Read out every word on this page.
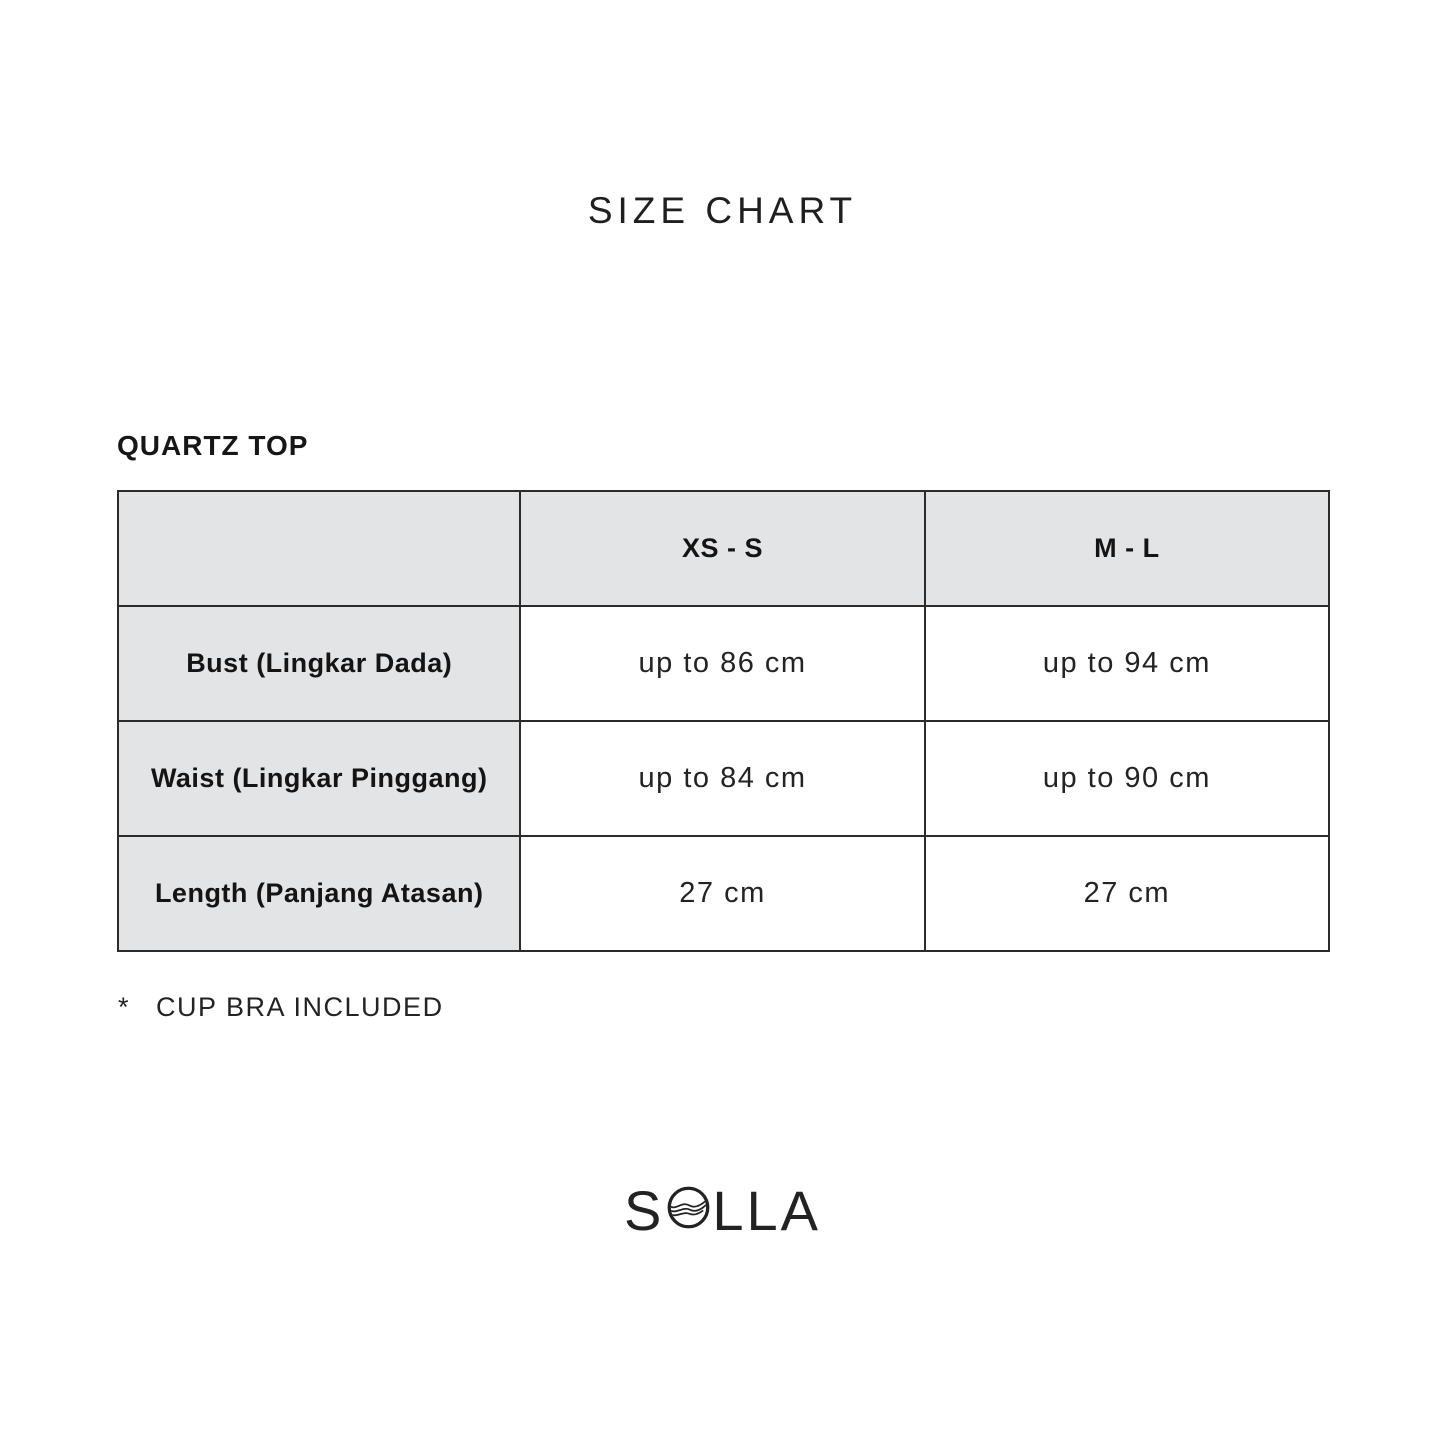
SIZE CHART
QUARTZ TOP
	XS - S	M - L
Bust (Lingkar Dada)	up to 86 cm	up to 94 cm
Waist (Lingkar Pinggang)	up to 84 cm	up to 90 cm
Length (Panjang Atasan)	27 cm	27 cm
*	CUP BRA INCLUDED
S LLA
